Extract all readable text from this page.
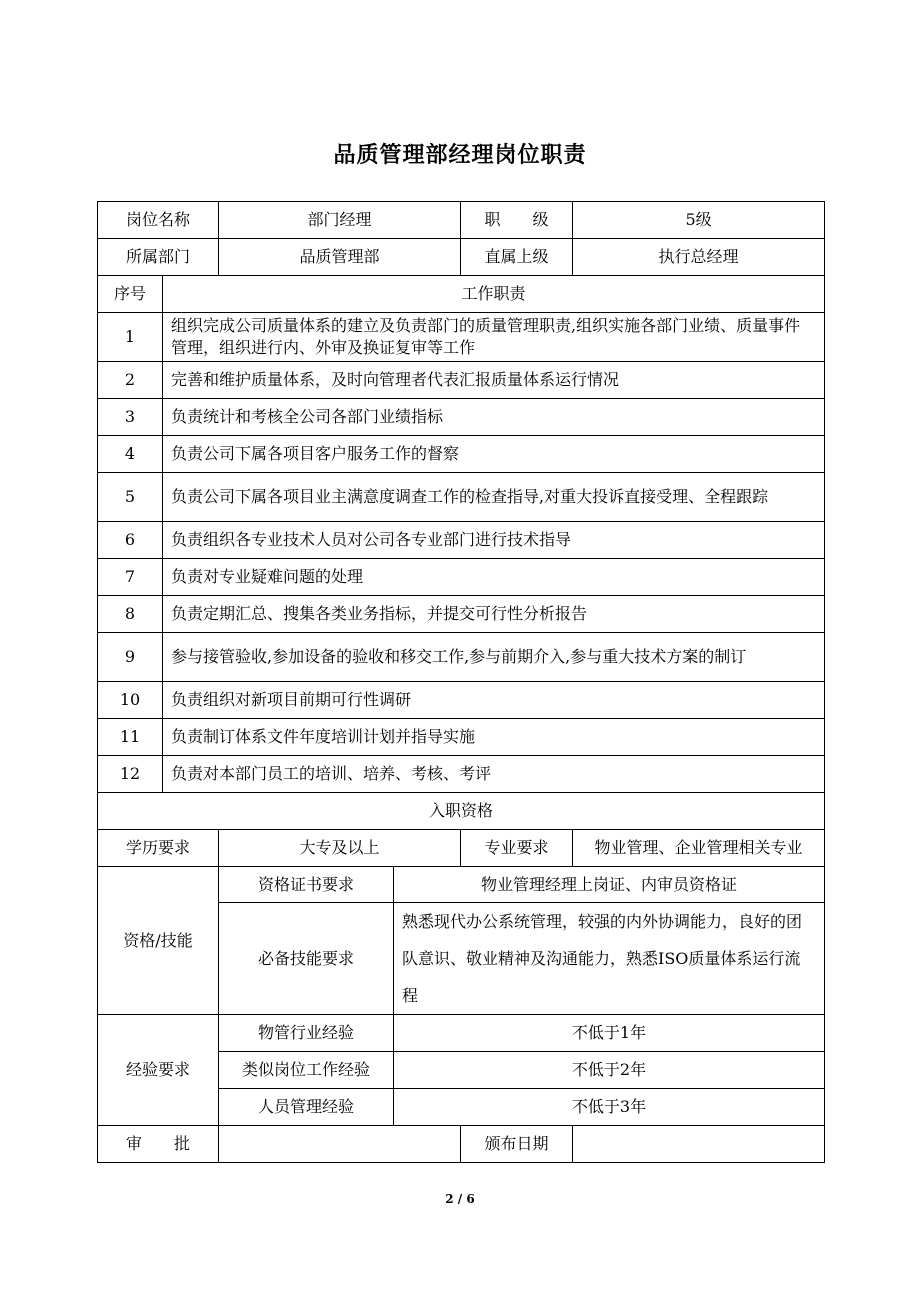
品质管理部经理岗位职责
岗位名称		部门经理		职　　级	5级
所属部门		品质管理部		直属上级	执行总经理
序号	工作职责				
1	组织完成公司质量体系的建立及负责部门的质量管理职责,组织实施各部门业绩、质量事件管理，组织进行内、外审及换证复审等工作				
2	完善和维护质量体系，及时向管理者代表汇报质量体系运行情况				
3	负责统计和考核全公司各部门业绩指标				
4	负责公司下属各项目客户服务工作的督察				
5	负责公司下属各项目业主满意度调查工作的检查指导,对重大投诉直接受理、全程跟踪				
6	负责组织各专业技术人员对公司各专业部门进行技术指导				
7	负责对专业疑难问题的处理				
8	负责定期汇总、搜集各类业务指标，并提交可行性分析报告				
9	参与接管验收,参加设备的验收和移交工作,参与前期介入,参与重大技术方案的制订				
10	负责组织对新项目前期可行性调研				
11	负责制订体系文件年度培训计划并指导实施				
12	负责对本部门员工的培训、培养、考核、考评				
入职资格					
学历要求		大专及以上		专业要求	物业管理、企业管理相关专业
资格/技能		资格证书要求	物业管理经理上岗证、内审员资格证		
		必备技能要求	熟悉现代办公系统管理，较强的内外协调能力，良好的团队意识、敬业精神及沟通能力，熟悉ISO质量体系运行流程		
经验要求		物管行业经验	不低于1年		
		类似岗位工作经验	不低于2年		
		人员管理经验	不低于3年		
审　　批				颁布日期	
2 / 6
